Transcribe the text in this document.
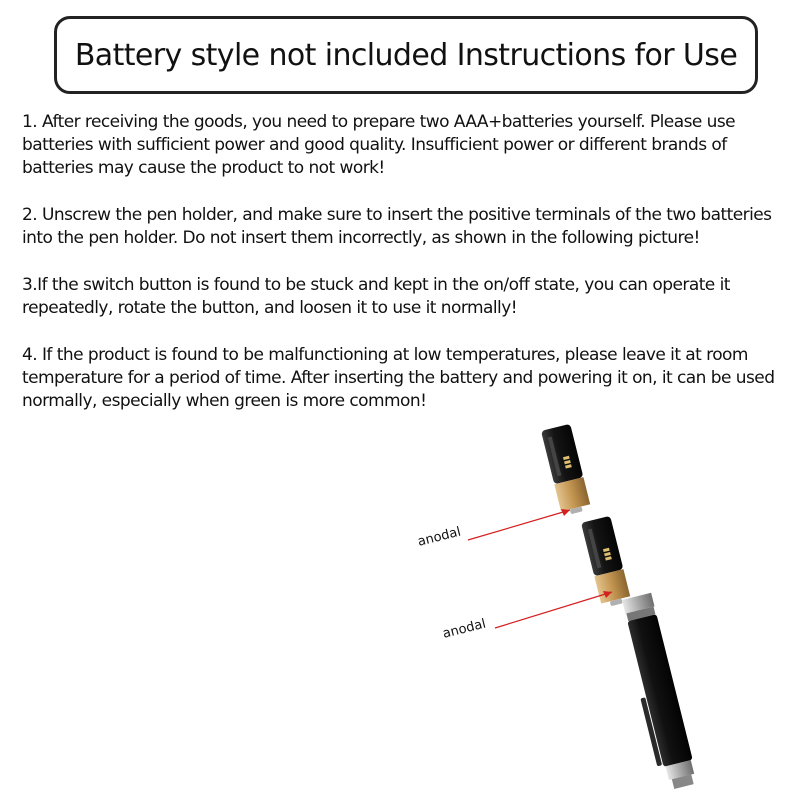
Battery style not included Instructions for Use

1. After receiving the goods, you need to prepare two AAA+batteries yourself. Please use batteries with sufficient power and good quality. Insufficient power or different brands of batteries may cause the product to not work!

2. Unscrew the pen holder, and make sure to insert the positive terminals of the two batteries into the pen holder. Do not insert them incorrectly, as shown in the following picture!

3.If the switch button is found to be stuck and kept in the on/off state, you can operate it repeatedly, rotate the button, and loosen it to use it normally!

4. If the product is found to be malfunctioning at low temperatures, please leave it at room temperature for a period of time. After inserting the battery and powering it on, it can be used normally, especially when green is more common!

▮▮▮
▮▮▮
anodal
anodal
